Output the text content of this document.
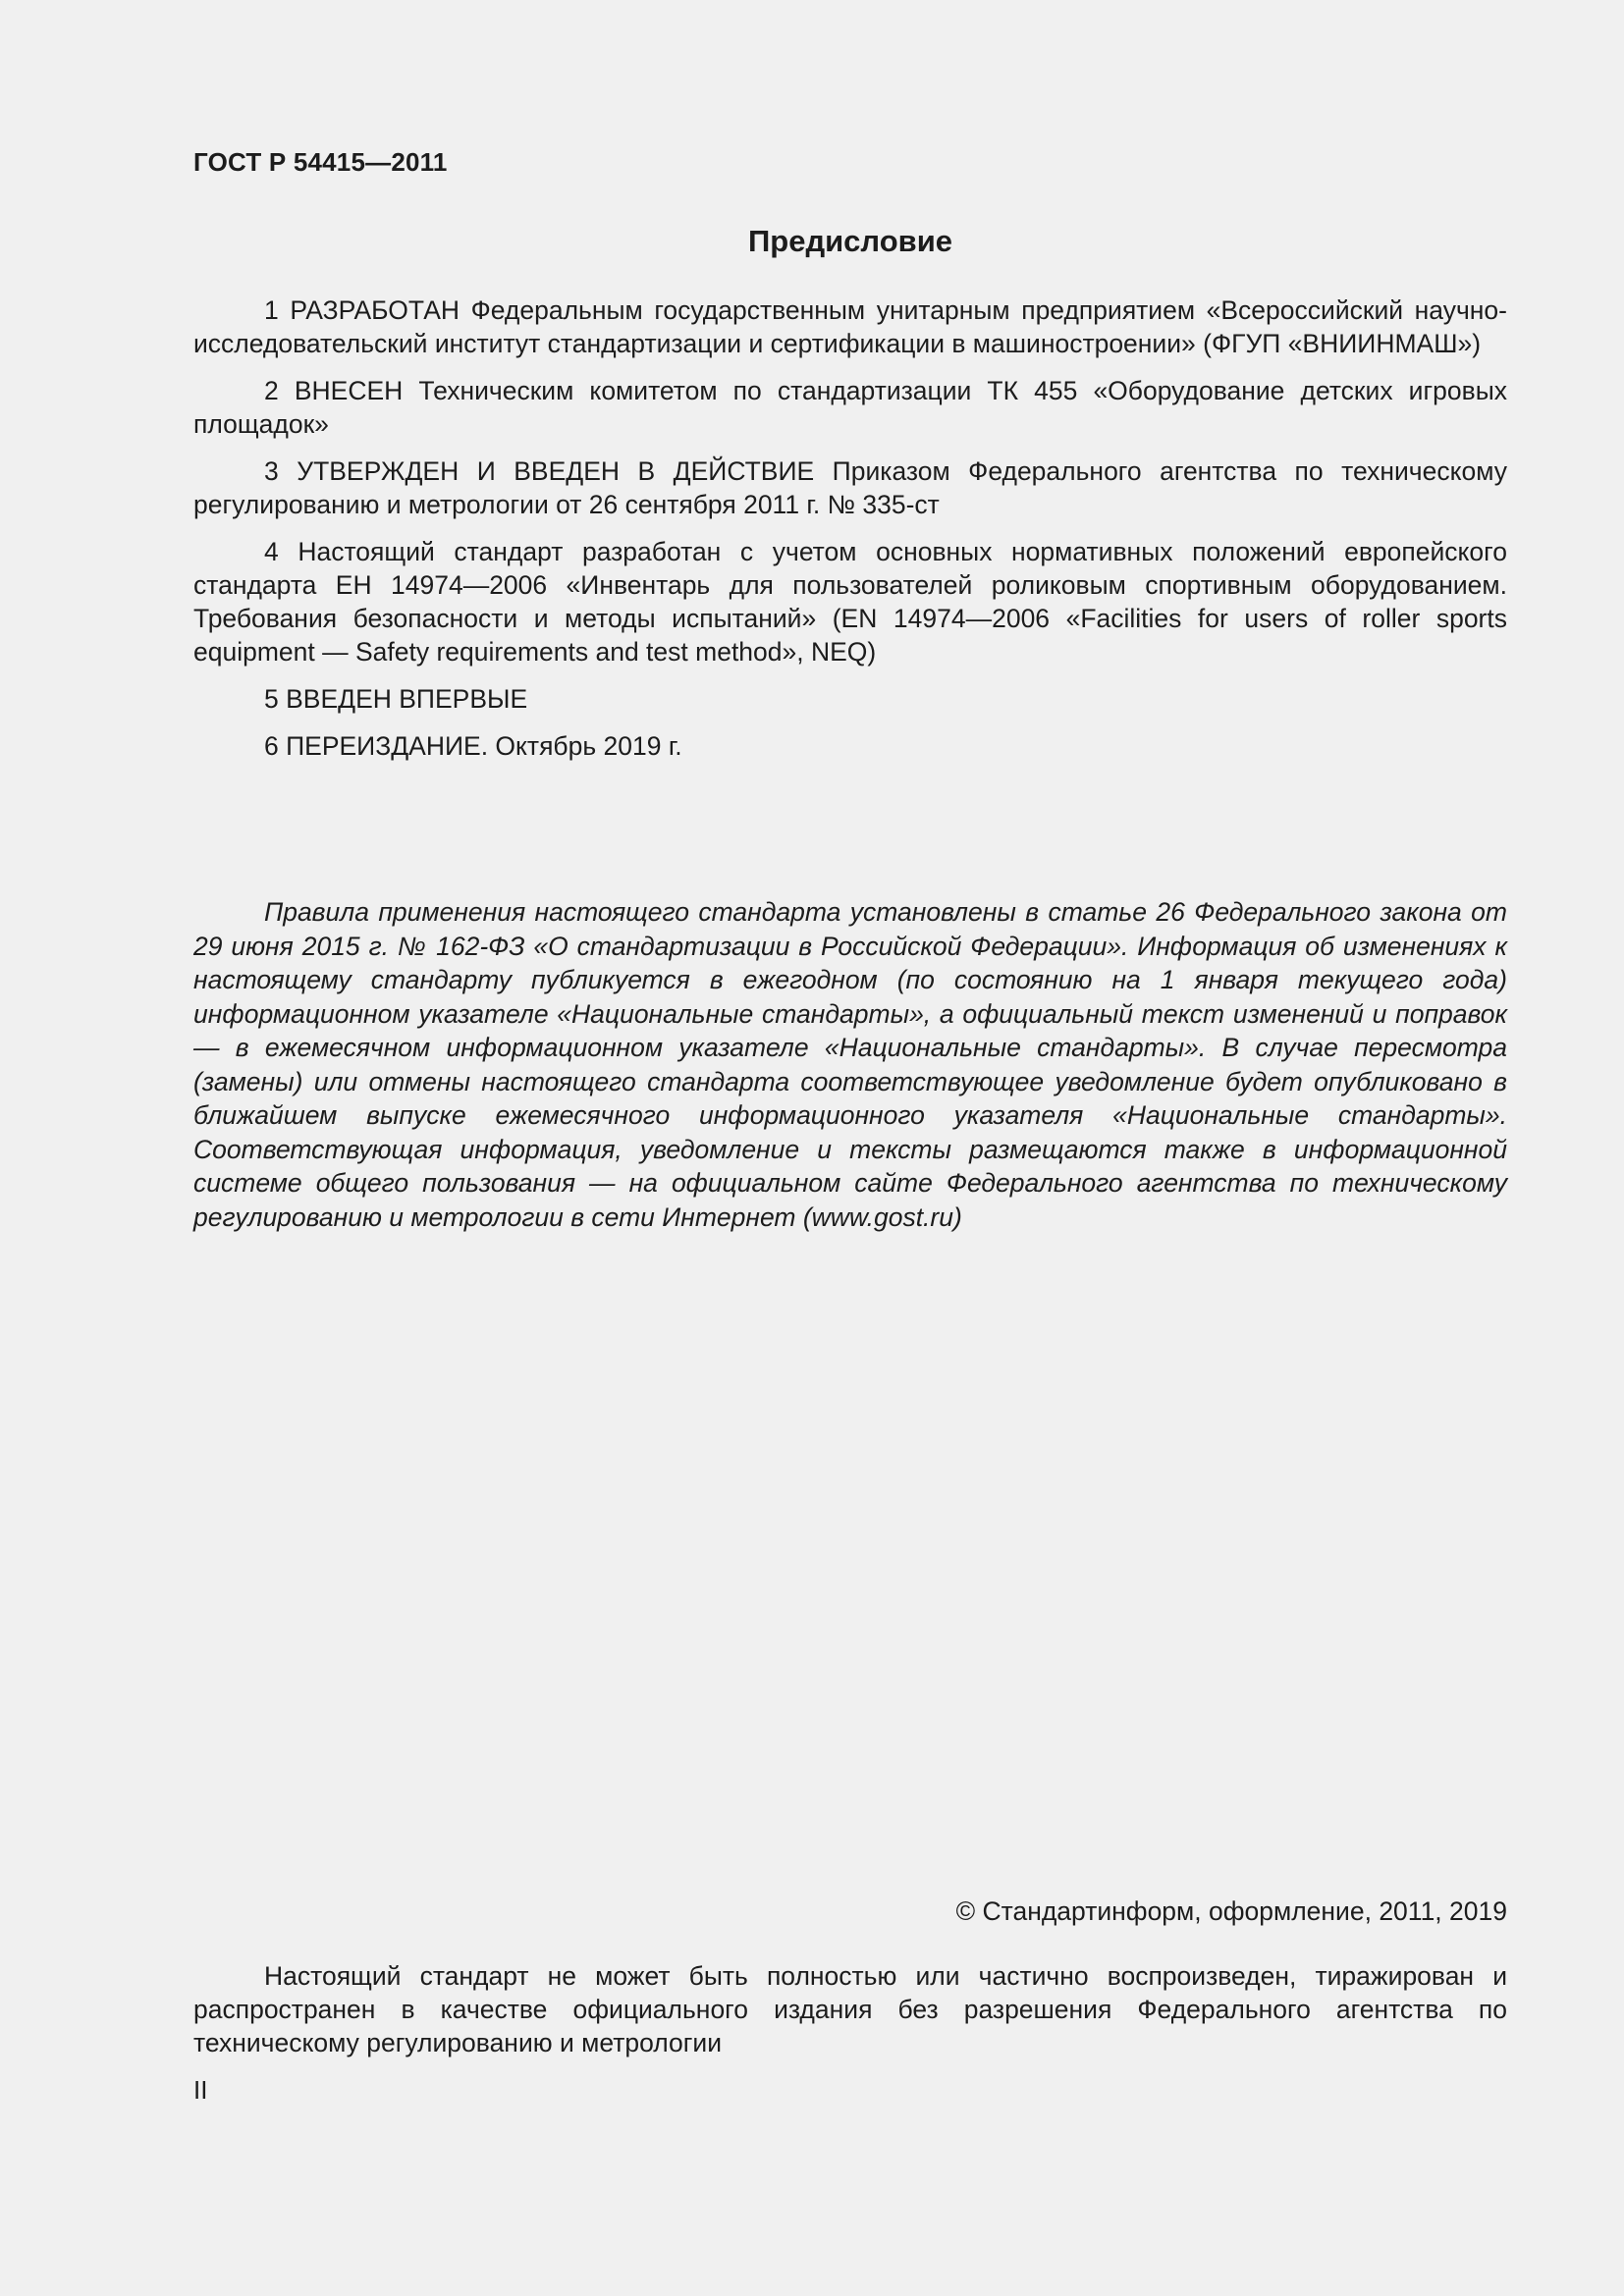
ГОСТ Р 54415—2011
Предисловие

1 РАЗРАБОТАН Федеральным государственным унитарным предприятием «Всероссийский научно-исследовательский институт стандартизации и сертификации в машиностроении» (ФГУП «ВНИИНМАШ»)

2 ВНЕСЕН Техническим комитетом по стандартизации ТК 455 «Оборудование детских игровых площадок»

3 УТВЕРЖДЕН И ВВЕДЕН В ДЕЙСТВИЕ Приказом Федерального агентства по техническому регулированию и метрологии от 26 сентября 2011 г. № 335-ст

4 Настоящий стандарт разработан с учетом основных нормативных положений европейского стандарта ЕН 14974—2006 «Инвентарь для пользователей роликовым спортивным оборудованием. Требования безопасности и методы испытаний» (EN 14974—2006 «Facilities for users of roller sports equipment — Safety requirements and test method», NEQ)

5 ВВЕДЕН ВПЕРВЫЕ

6 ПЕРЕИЗДАНИЕ. Октябрь 2019 г.

Правила применения настоящего стандарта установлены в статье 26 Федерального закона от 29 июня 2015 г. № 162-ФЗ «О стандартизации в Российской Федерации». Информация об изменениях к настоящему стандарту публикуется в ежегодном (по состоянию на 1 января текущего года) информационном указателе «Национальные стандарты», а официальный текст изменений и поправок — в ежемесячном информационном указателе «Национальные стандарты». В случае пересмотра (замены) или отмены настоящего стандарта соответствующее уведомление будет опубликовано в ближайшем выпуске ежемесячного информационного указателя «Национальные стандарты». Соответствующая информация, уведомление и тексты размещаются также в информационной системе общего пользования — на официальном сайте Федерального агентства по техническому регулированию и метрологии в сети Интернет (www.gost.ru)

© Стандартинформ, оформление, 2011, 2019

Настоящий стандарт не может быть полностью или частично воспроизведен, тиражирован и распространен в качестве официального издания без разрешения Федерального агентства по техническому регулированию и метрологии

II
